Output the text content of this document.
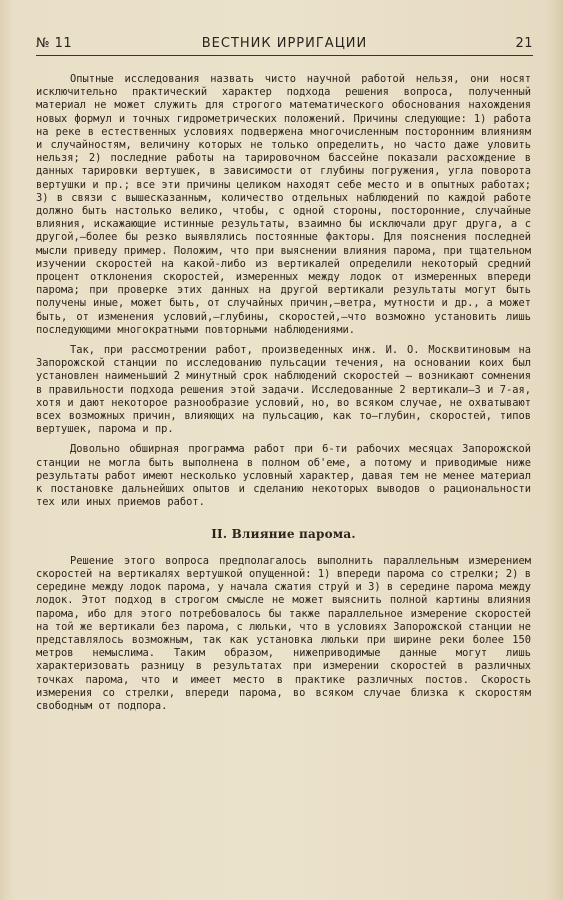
№ 11	ВЕСТНИК ИРРИГАЦИИ	21

Опытные исследования назвать чисто научной работой нельзя, они носят исключительно практический характер подхода решения вопроса, полученный материал не может служить для строгого математического обоснования нахождения новых формул и точных гидрометрических положений. Причины следующие: 1) работа на реке в естественных условиях подвержена многочисленным посторонним влияниям и случайностям, величину которых не только определить, но часто даже уловить нельзя; 2) последние работы на тарировочном бассейне показали расхождение в данных тарировки вертушек, в зависимости от глубины погружения, угла поворота вертушки и пр.; все эти причины целиком находят себе место и в опытных работах; 3) в связи с вышесказанным, количество отдельных наблюдений по каждой работе должно быть настолько велико, чтобы, с одной стороны, посторонние, случайные влияния, искажающие истинные результаты, взаимно бы исключали друг друга, а с другой,—более бы резко выявлялись постоянные факторы. Для пояснения последней мысли приведу пример. Положим, что при выяснении влияния парома, при тщательном изучении скоростей на какой-либо из вертикалей определили некоторый средний процент отклонения скоростей, измеренных между лодок от измеренных впереди парома; при проверке этих данных на другой вертикали результаты могут быть получены иные, может быть, от случайных причин,—ветра, мутности и др., а может быть, от изменения условий,—глубины, скоростей,—что возможно установить лишь последующими многократными повторными наблюдениями.

Так, при рассмотрении работ, произведенных инж. И. О. Москвитиновым на Запорожской станции по исследованию пульсации течения, на основании коих был установлен наименьший 2 минутный срок наблюдений скоростей — возникают сомнения в правильности подхода решения этой задачи. Исследованные 2 вертикали—3 и 7-ая, хотя и дают некоторое разнообразие условий, но, во всяком случае, не охватывают всех возможных причин, влияющих на пульсацию, как то—глубин, скоростей, типов вертушек, парома и пр.

Довольно обширная программа работ при 6-ти рабочих месяцах Запорожской станции не могла быть выполнена в полном об'еме, а потому и приводимые ниже результаты работ имеют несколько условный характер, давая тем не менее материал к постановке дальнейших опытов и сделанию некоторых выводов о рациональности тех или иных приемов работ.

II. Влияние парома.

Решение этого вопроса предполагалось выполнить параллельным измерением скоростей на вертикалях вертушкой опущенной: 1) впереди парома со стрелки; 2) в середине между лодок парома, у начала сжатия струй и 3) в середине парома между лодок. Этот подход в строгом смысле не может выяснить полной картины влияния парома, ибо для этого потребовалось бы также параллельное измерение скоростей на той же вертикали без парома, с люльки, что в условиях Запорожской станции не представлялось возможным, так как установка люльки при ширине реки более 150 метров немыслима. Таким образом, нижеприводимые данные могут лишь характеризовать разницу в результатах при измерении скоростей в различных точках парома, что и имеет место в практике различных постов. Скорость измерения со стрелки, впереди парома, во всяком случае близка к скоростям свободным от подпора.
